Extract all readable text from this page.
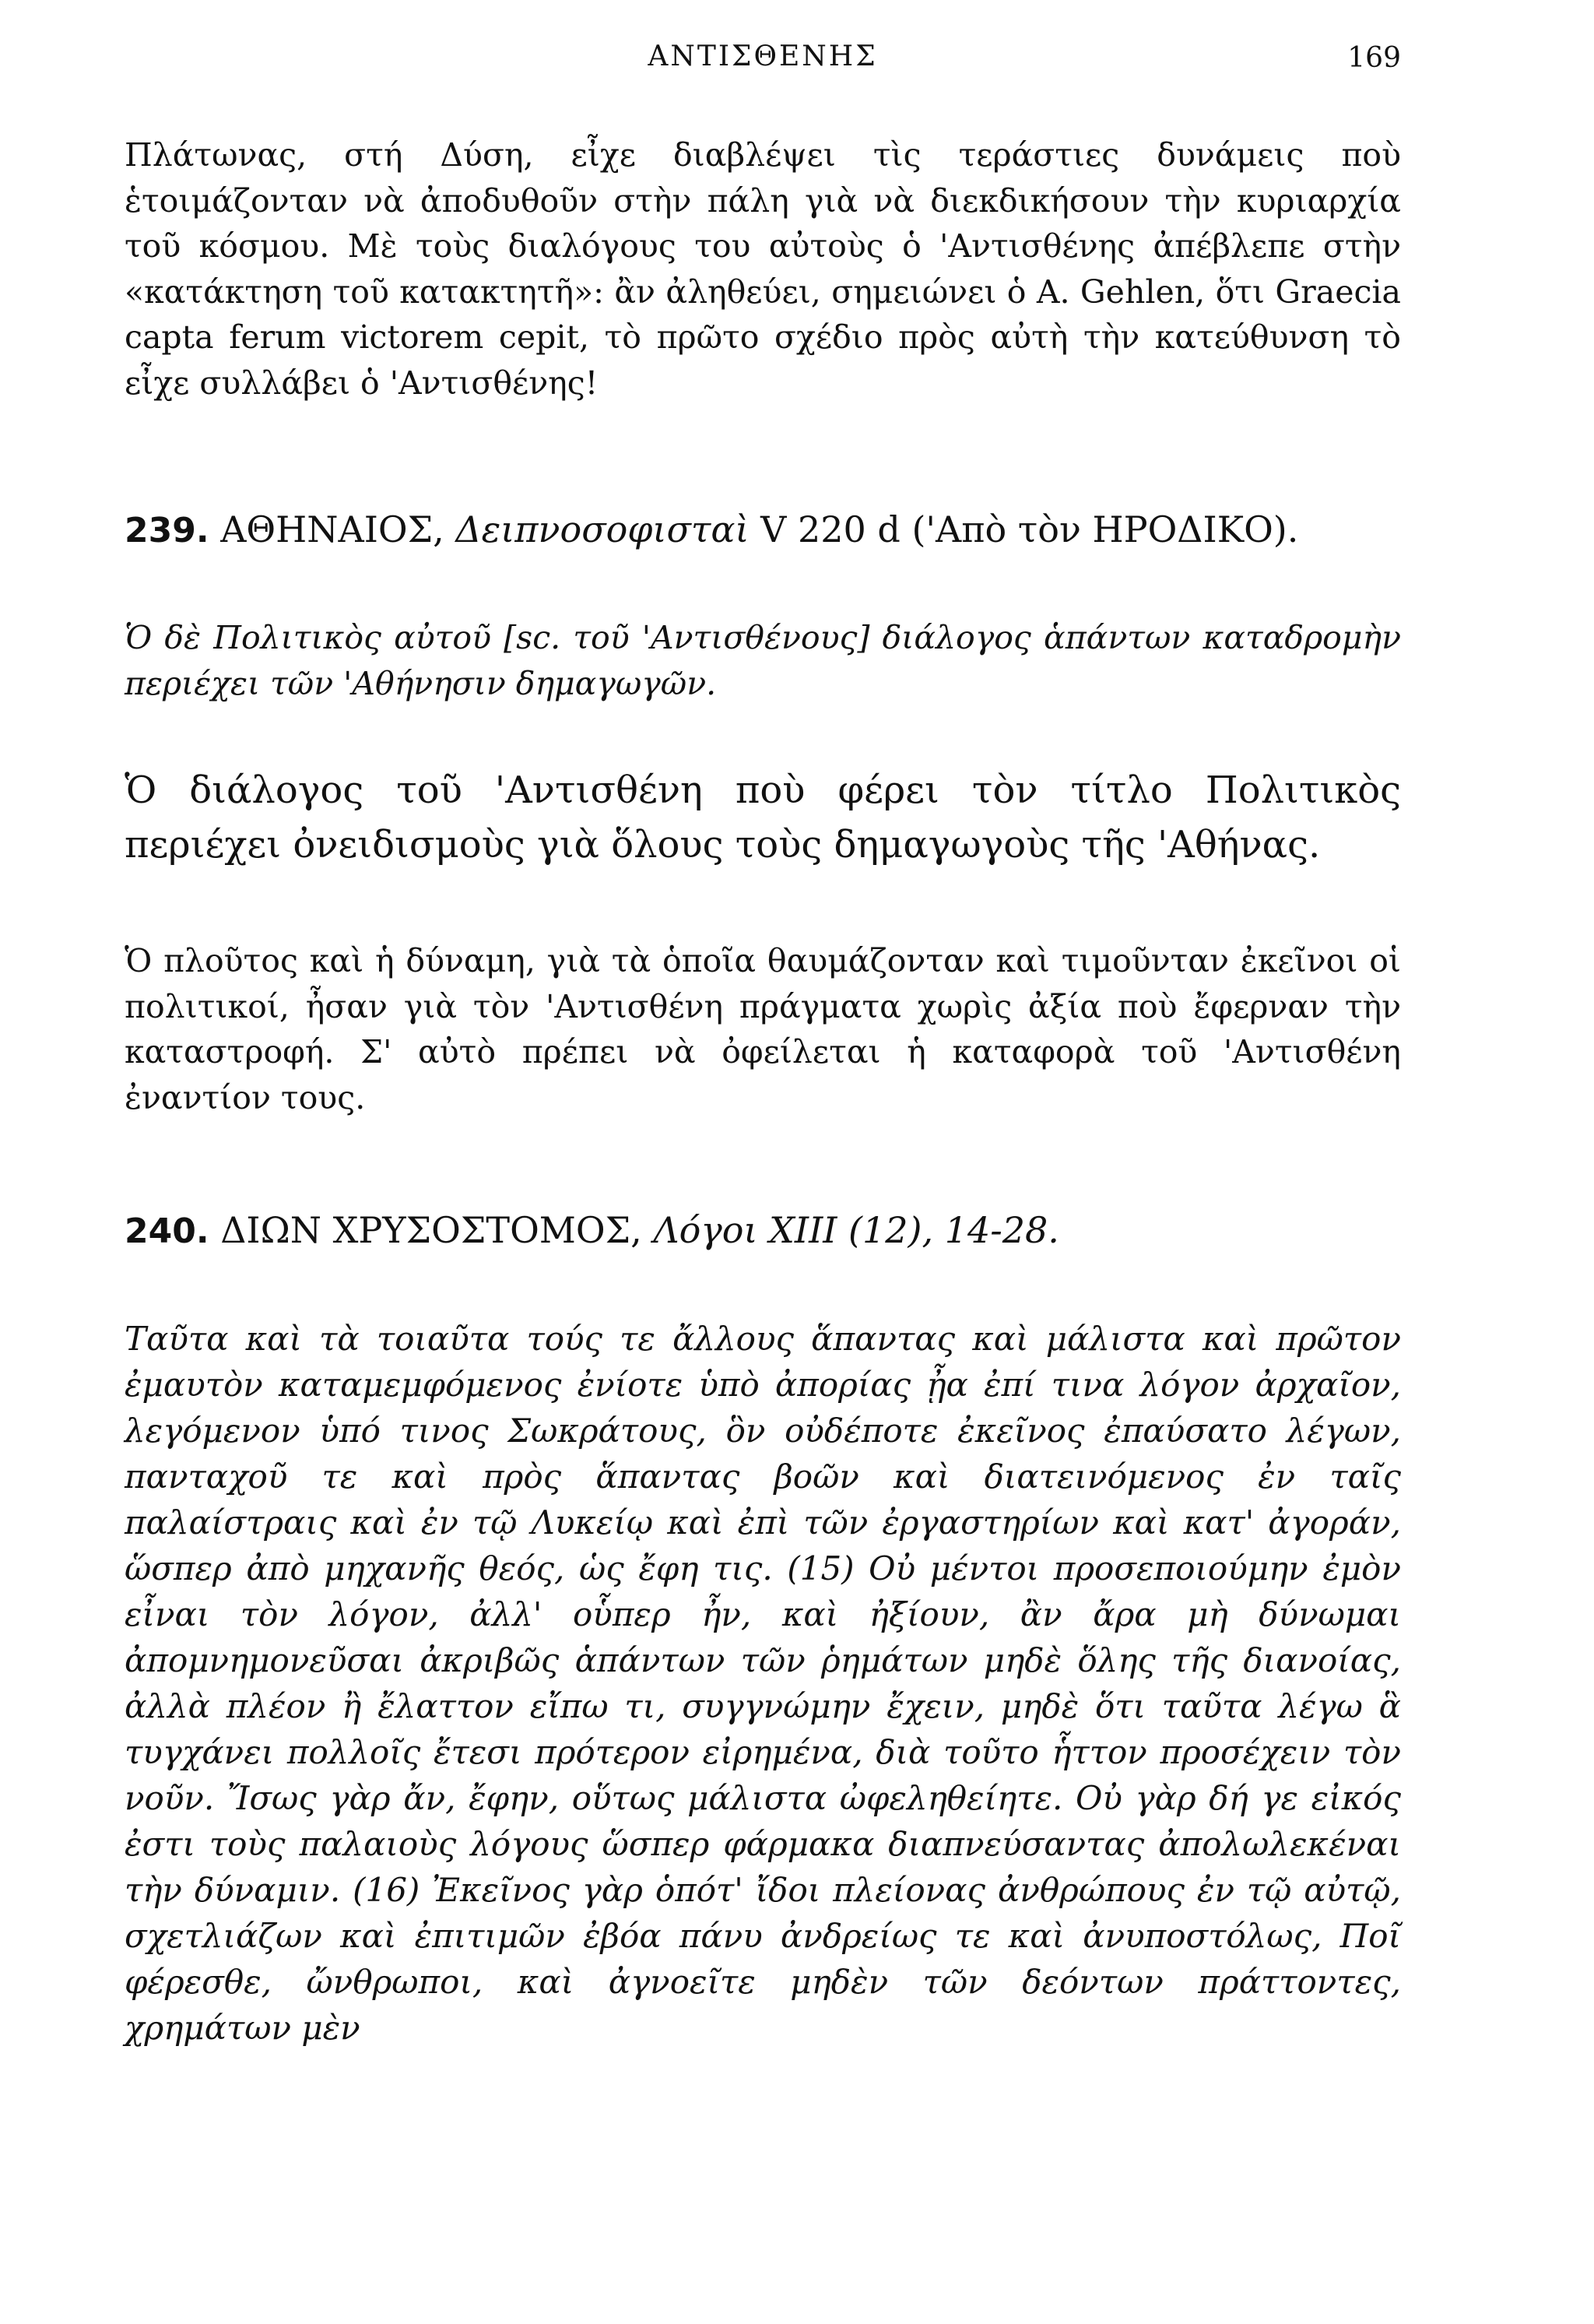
ΑΝΤΙΣΘΕΝΗΣ	169

Πλάτωνας, στή Δύση, εἶχε διαβλέψει τὶς τεράστιες δυνάμεις ποὺ ἑτοιμάζονταν νὰ ἀποδυθοῦν στὴν πάλη γιὰ νὰ διεκδικήσουν τὴν κυριαρχία τοῦ κόσμου. Μὲ τοὺς διαλόγους του αὐτοὺς ὁ 'Αντισθένης ἀπέβλεπε στὴν «κατάκτηση τοῦ κατακτητῆ»: ἂν ἀληθεύει, σημειώνει ὁ Α. Gehlen, ὅτι Graecia capta ferum victorem cepit, τὸ πρῶτο σχέδιο πρὸς αὐτὴ τὴν κατεύθυνση τὸ εἶχε συλλάβει ὁ 'Αντισθένης!

239. ΑΘΗΝΑΙΟΣ, Δειπνοσοφισταὶ V 220 d ('Απὸ τὸν ΗΡΟΔΙΚΟ).

Ὁ δὲ Πολιτικὸς αὐτοῦ [sc. τοῦ 'Αντισθένους] διάλογος ἁπάντων καταδρομὴν περιέχει τῶν 'Αθήνησιν δημαγωγῶν.

Ὁ διάλογος τοῦ 'Αντισθένη ποὺ φέρει τὸν τίτλο Πολιτικὸς περιέχει ὀνειδισμοὺς γιὰ ὅλους τοὺς δημαγωγοὺς τῆς 'Αθήνας.

Ὁ πλοῦτος καὶ ἡ δύναμη, γιὰ τὰ ὁποῖα θαυμάζονταν καὶ τιμοῦνταν ἐκεῖνοι οἱ πολιτικοί, ἦσαν γιὰ τὸν 'Αντισθένη πράγματα χωρὶς ἀξία ποὺ ἔφερναν τὴν καταστροφή. Σ' αὐτὸ πρέπει νὰ ὀφείλεται ἡ καταφορὰ τοῦ 'Αντισθένη ἐναντίον τους.

240. ΔΙΩΝ ΧΡΥΣΟΣΤΟΜΟΣ, Λόγοι XIII (12), 14-28.

Ταῦτα καὶ τὰ τοιαῦτα τούς τε ἄλλους ἅπαντας καὶ μάλιστα καὶ πρῶτον ἐμαυτὸν καταμεμφόμενος ἐνίοτε ὑπὸ ἀπορίας ᾖα ἐπί τινα λόγον ἀρχαῖον, λεγόμενον ὑπό τινος Σωκράτους, ὃν οὐδέποτε ἐκεῖνος ἐπαύσατο λέγων, πανταχοῦ τε καὶ πρὸς ἅπαντας βοῶν καὶ διατεινόμενος ἐν ταῖς παλαίστραις καὶ ἐν τῷ Λυκείῳ καὶ ἐπὶ τῶν ἐργαστηρίων καὶ κατ' ἀγοράν, ὥσπερ ἀπὸ μηχανῆς θεός, ὡς ἔφη τις. (15) Οὐ μέντοι προσεποιούμην ἐμὸν εἶναι τὸν λόγον, ἀλλ' οὗπερ ἦν, καὶ ἠξίουν, ἂν ἄρα μὴ δύνωμαι ἀπομνημονεῦσαι ἀκριβῶς ἁπάντων τῶν ῥημάτων μηδὲ ὅλης τῆς διανοίας, ἀλλὰ πλέον ἢ ἔλαττον εἴπω τι, συγγνώμην ἔχειν, μηδὲ ὅτι ταῦτα λέγω ἃ τυγχάνει πολλοῖς ἔτεσι πρότερον εἰρημένα, διὰ τοῦτο ἧττον προσέχειν τὸν νοῦν. Ἴσως γὰρ ἄν, ἔφην, οὕτως μάλιστα ὠφεληθείητε. Οὐ γὰρ δή γε εἰκός ἐστι τοὺς παλαιοὺς λόγους ὥσπερ φάρμακα διαπνεύσαντας ἀπολωλεκέναι τὴν δύναμιν. (16) Ἐκεῖνος γὰρ ὁπότ' ἴδοι πλείονας ἀνθρώπους ἐν τῷ αὐτῷ, σχετλιάζων καὶ ἐπιτιμῶν ἐβόα πάνυ ἀνδρείως τε καὶ ἀνυποστόλως, Ποῖ φέρεσθε, ὤνθρωποι, καὶ ἀγνοεῖτε μηδὲν τῶν δεόντων πράττοντες, χρημάτων μὲν
